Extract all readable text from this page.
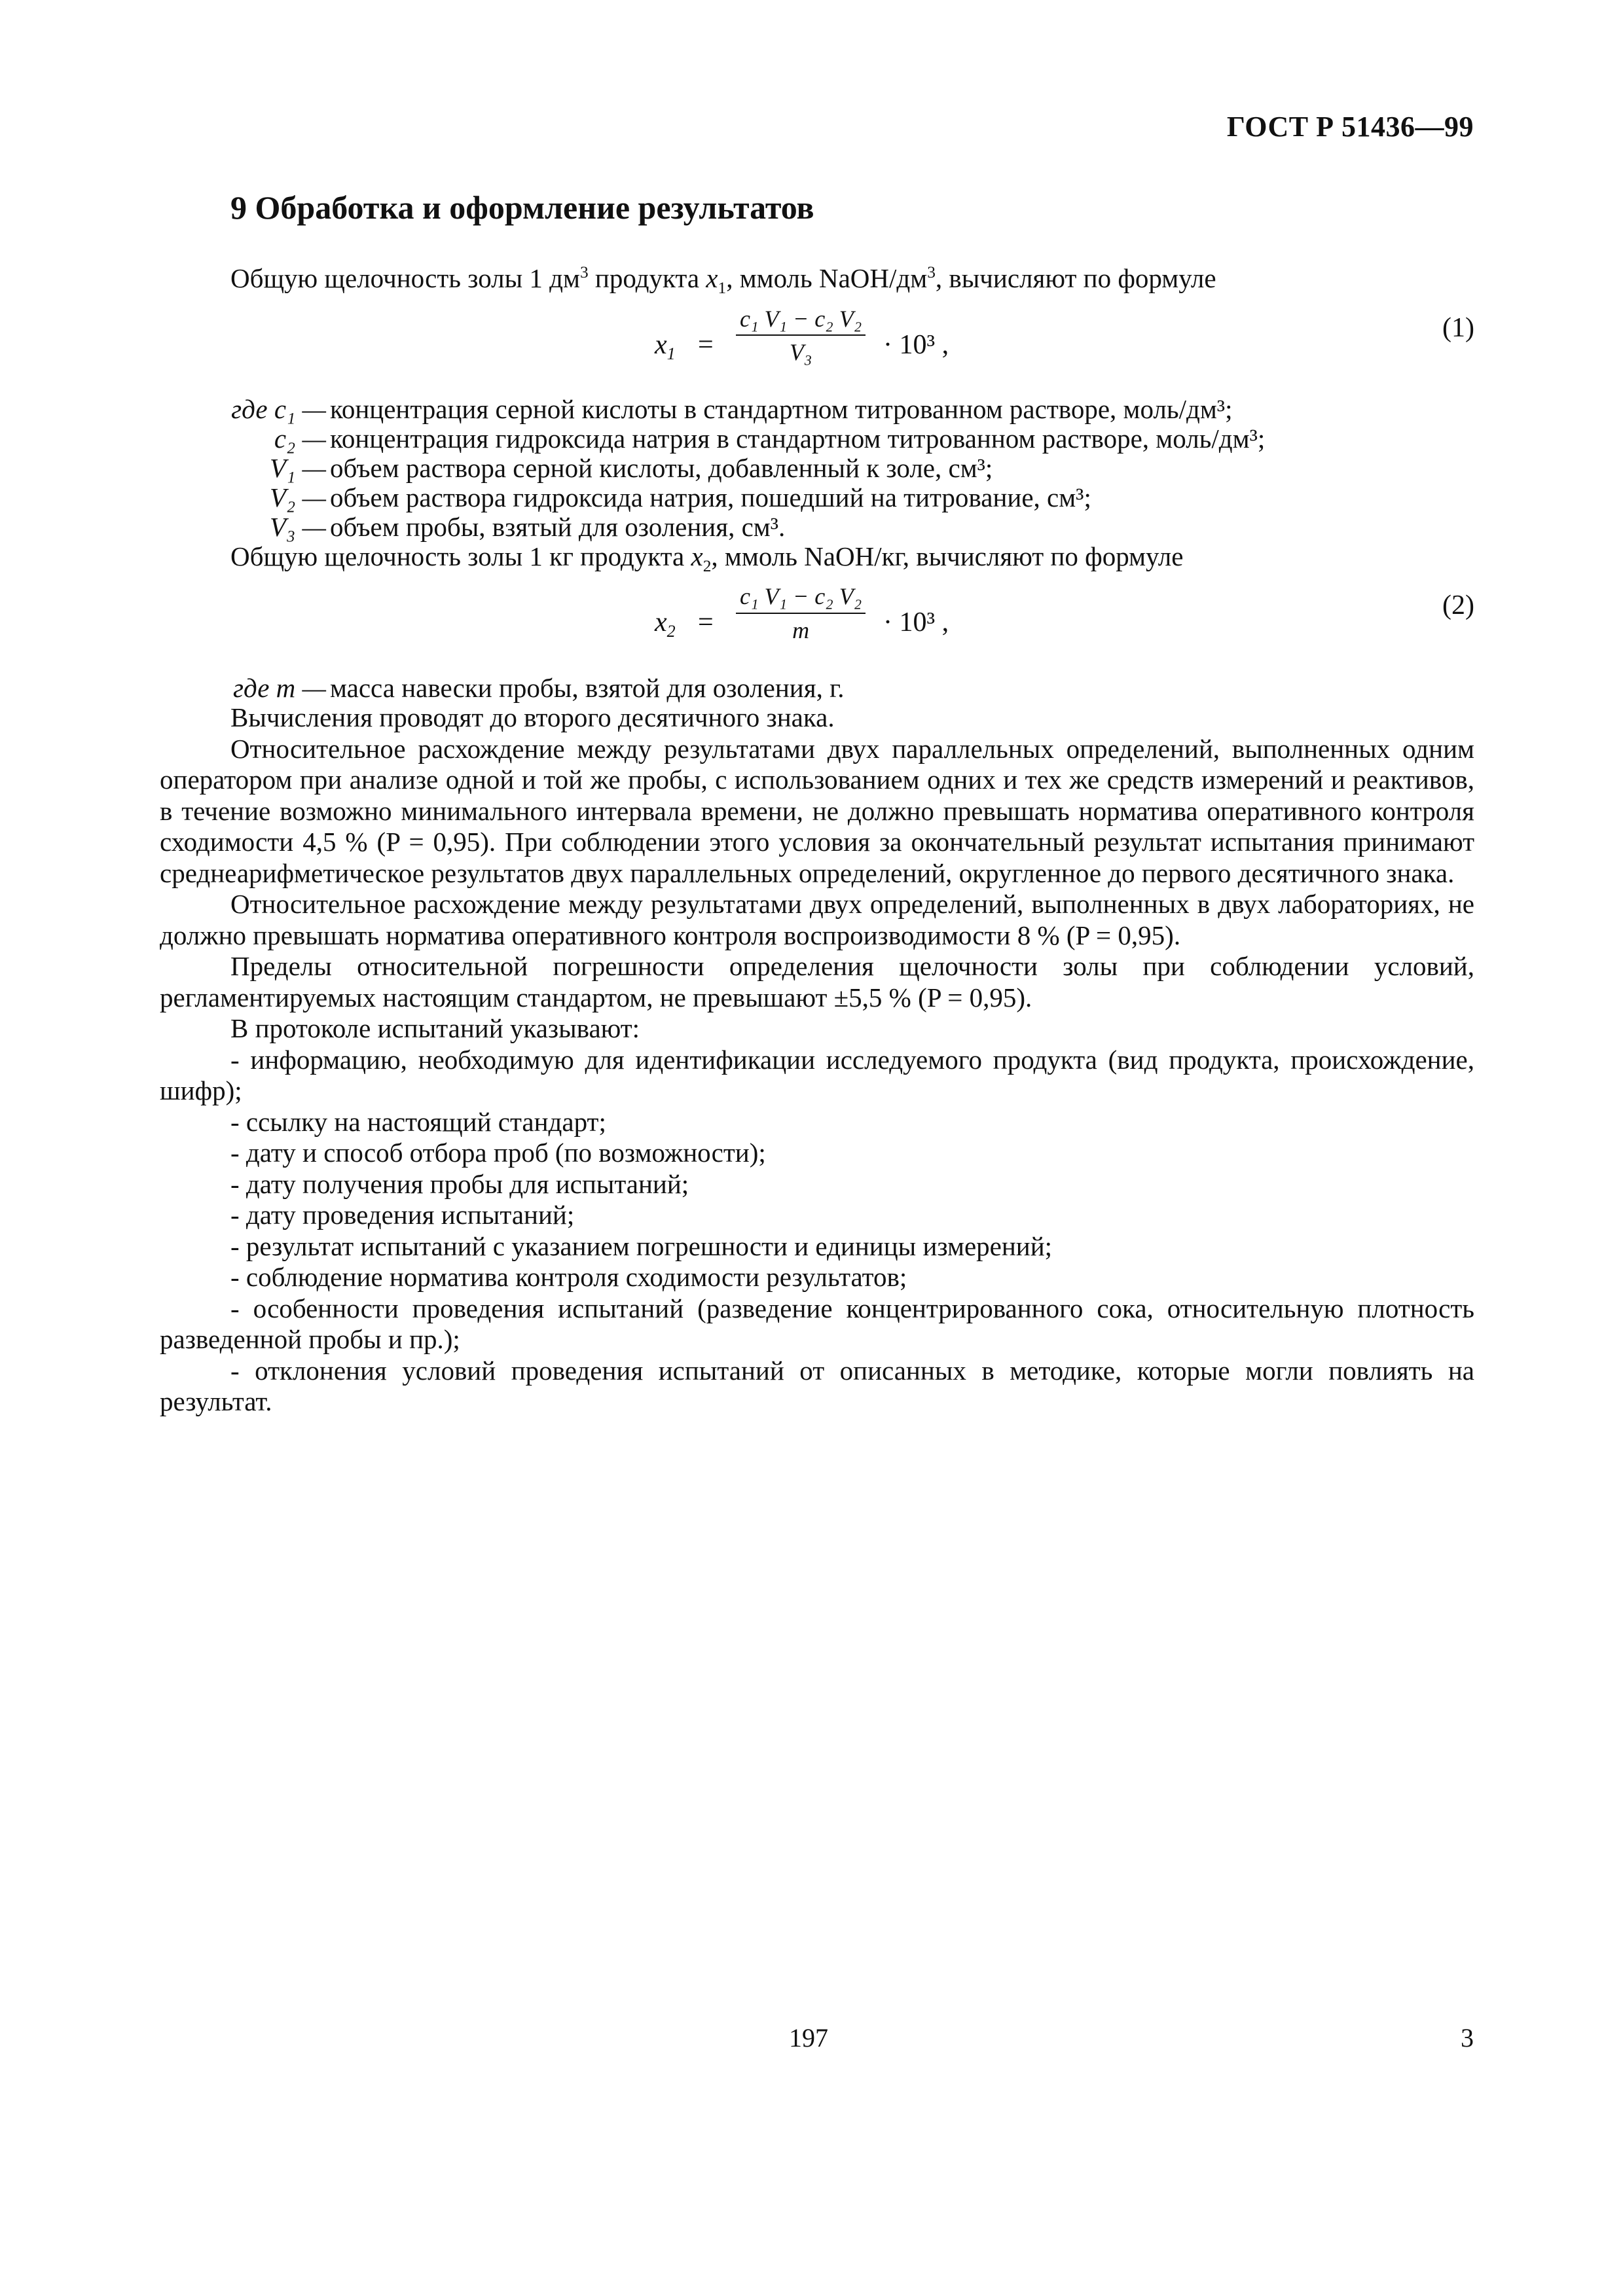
ГОСТ Р 51436—99
9 Обработка и оформление результатов

Общую щелочность золы 1 $дм^3$ продукта $x_1$, ммоль NaOH/$дм^3$, вычисляют по формуле

$x_1 = \frac{\text{c₁ V₁ − c₂ V₂}}{\text{V₃}} \cdot 10^3$ ,
(1)
где c₁ — концентрация серной кислоты в стандартном титрованном растворе, моль/дм³;
c₂ — концентрация гидроксида натрия в стандартном титрованном растворе, моль/дм³;
V₁ — объем раствора серной кислоты, добавленный к золе, см³;
V₂ — объем раствора гидроксида натрия, пошедший на титрование, см³;
V₃ — объем пробы, взятый для озоления, см³.

Общую щелочность золы 1 кг продукта $x_2$, ммоль NaOH/кг, вычисляют по формуле

$x_2 = \frac{\text{c₁ V₁ − c₂ V₂}}{m} \cdot 10^3$ ,
(2)
где m — масса навески пробы, взятой для озоления, г.

Вычисления проводят до второго десятичного знака.

Относительное расхождение между результатами двух параллельных определений, выполненных одним оператором при анализе одной и той же пробы, с использованием одних и тех же средств измерений и реактивов, в течение возможно минимального интервала времени, не должно превышать норматива оперативного контроля сходимости 4,5 % (P = 0,95). При соблюдении этого условия за окончательный результат испытания принимают среднеарифметическое результатов двух параллельных определений, округленное до первого десятичного знака.

Относительное расхождение между результатами двух определений, выполненных в двух лабораториях, не должно превышать норматива оперативного контроля воспроизводимости 8 % (P = 0,95).

Пределы относительной погрешности определения щелочности золы при соблюдении условий, регламентируемых настоящим стандартом, не превышают ±5,5 % (P = 0,95).

В протоколе испытаний указывают:

- информацию, необходимую для идентификации исследуемого продукта (вид продукта, происхождение, шифр);

- ссылку на настоящий стандарт;

- дату и способ отбора проб (по возможности);

- дату получения пробы для испытаний;

- дату проведения испытаний;

- результат испытаний с указанием погрешности и единицы измерений;

- соблюдение норматива контроля сходимости результатов;

- особенности проведения испытаний (разведение концентрированного сока, относительную плотность разведенной пробы и пр.);

- отклонения условий проведения испытаний от описанных в методике, которые могли повлиять на результат.

197	3
